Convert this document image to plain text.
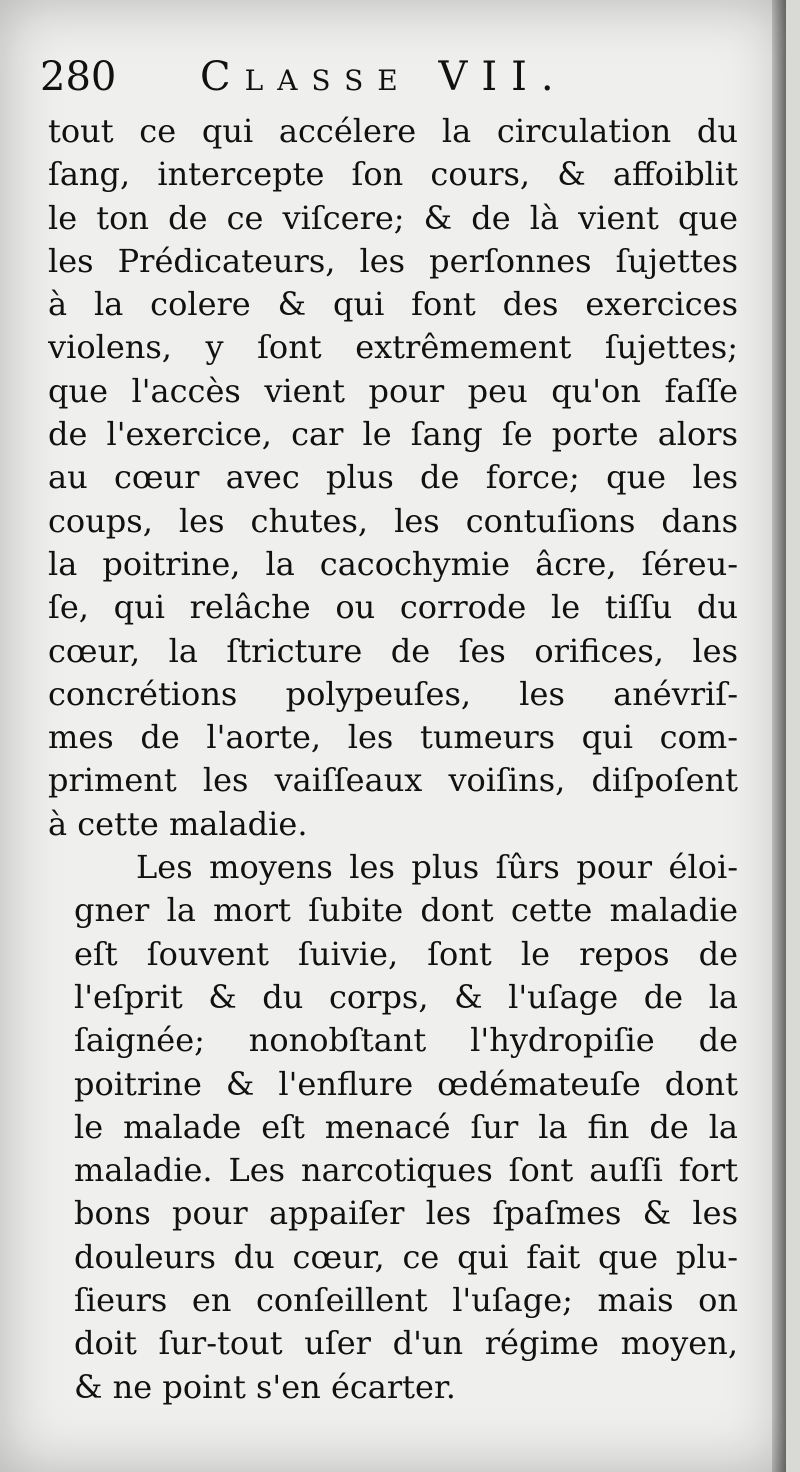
280 Classe VII.
tout ce qui accélere la circulation du
ſang, intercepte ſon cours, & affoiblit
le ton de ce viſcere; & de là vient que
les Prédicateurs, les perſonnes ſujettes
à la colere & qui font des exercices
violens, y ſont extrêmement ſujettes;
que l'accès vient pour peu qu'on faſſe
de l'exercice, car le ſang ſe porte alors
au cœur avec plus de force; que les
coups, les chutes, les contuſions dans
la poitrine, la cacochymie âcre, ſéreu-
ſe, qui relâche ou corrode le tiſſu du
cœur, la ſtricture de ſes orifices, les
concrétions polypeuſes, les anévriſ-
mes de l'aorte, les tumeurs qui com-
priment les vaiſſeaux voiſins, diſpoſent
à cette maladie.
Les moyens les plus ſûrs pour éloi-
gner la mort ſubite dont cette maladie
eſt ſouvent ſuivie, ſont le repos de
l'eſprit & du corps, & l'uſage de la
ſaignée; nonobſtant l'hydropiſie de
poitrine & l'enflure œdémateuſe dont
le malade eſt menacé ſur la fin de la
maladie. Les narcotiques ſont auſſi fort
bons pour appaiſer les ſpaſmes & les
douleurs du cœur, ce qui fait que plu-
ſieurs en conſeillent l'uſage; mais on
doit ſur-tout uſer d'un régime moyen,
& ne point s'en écarter.
